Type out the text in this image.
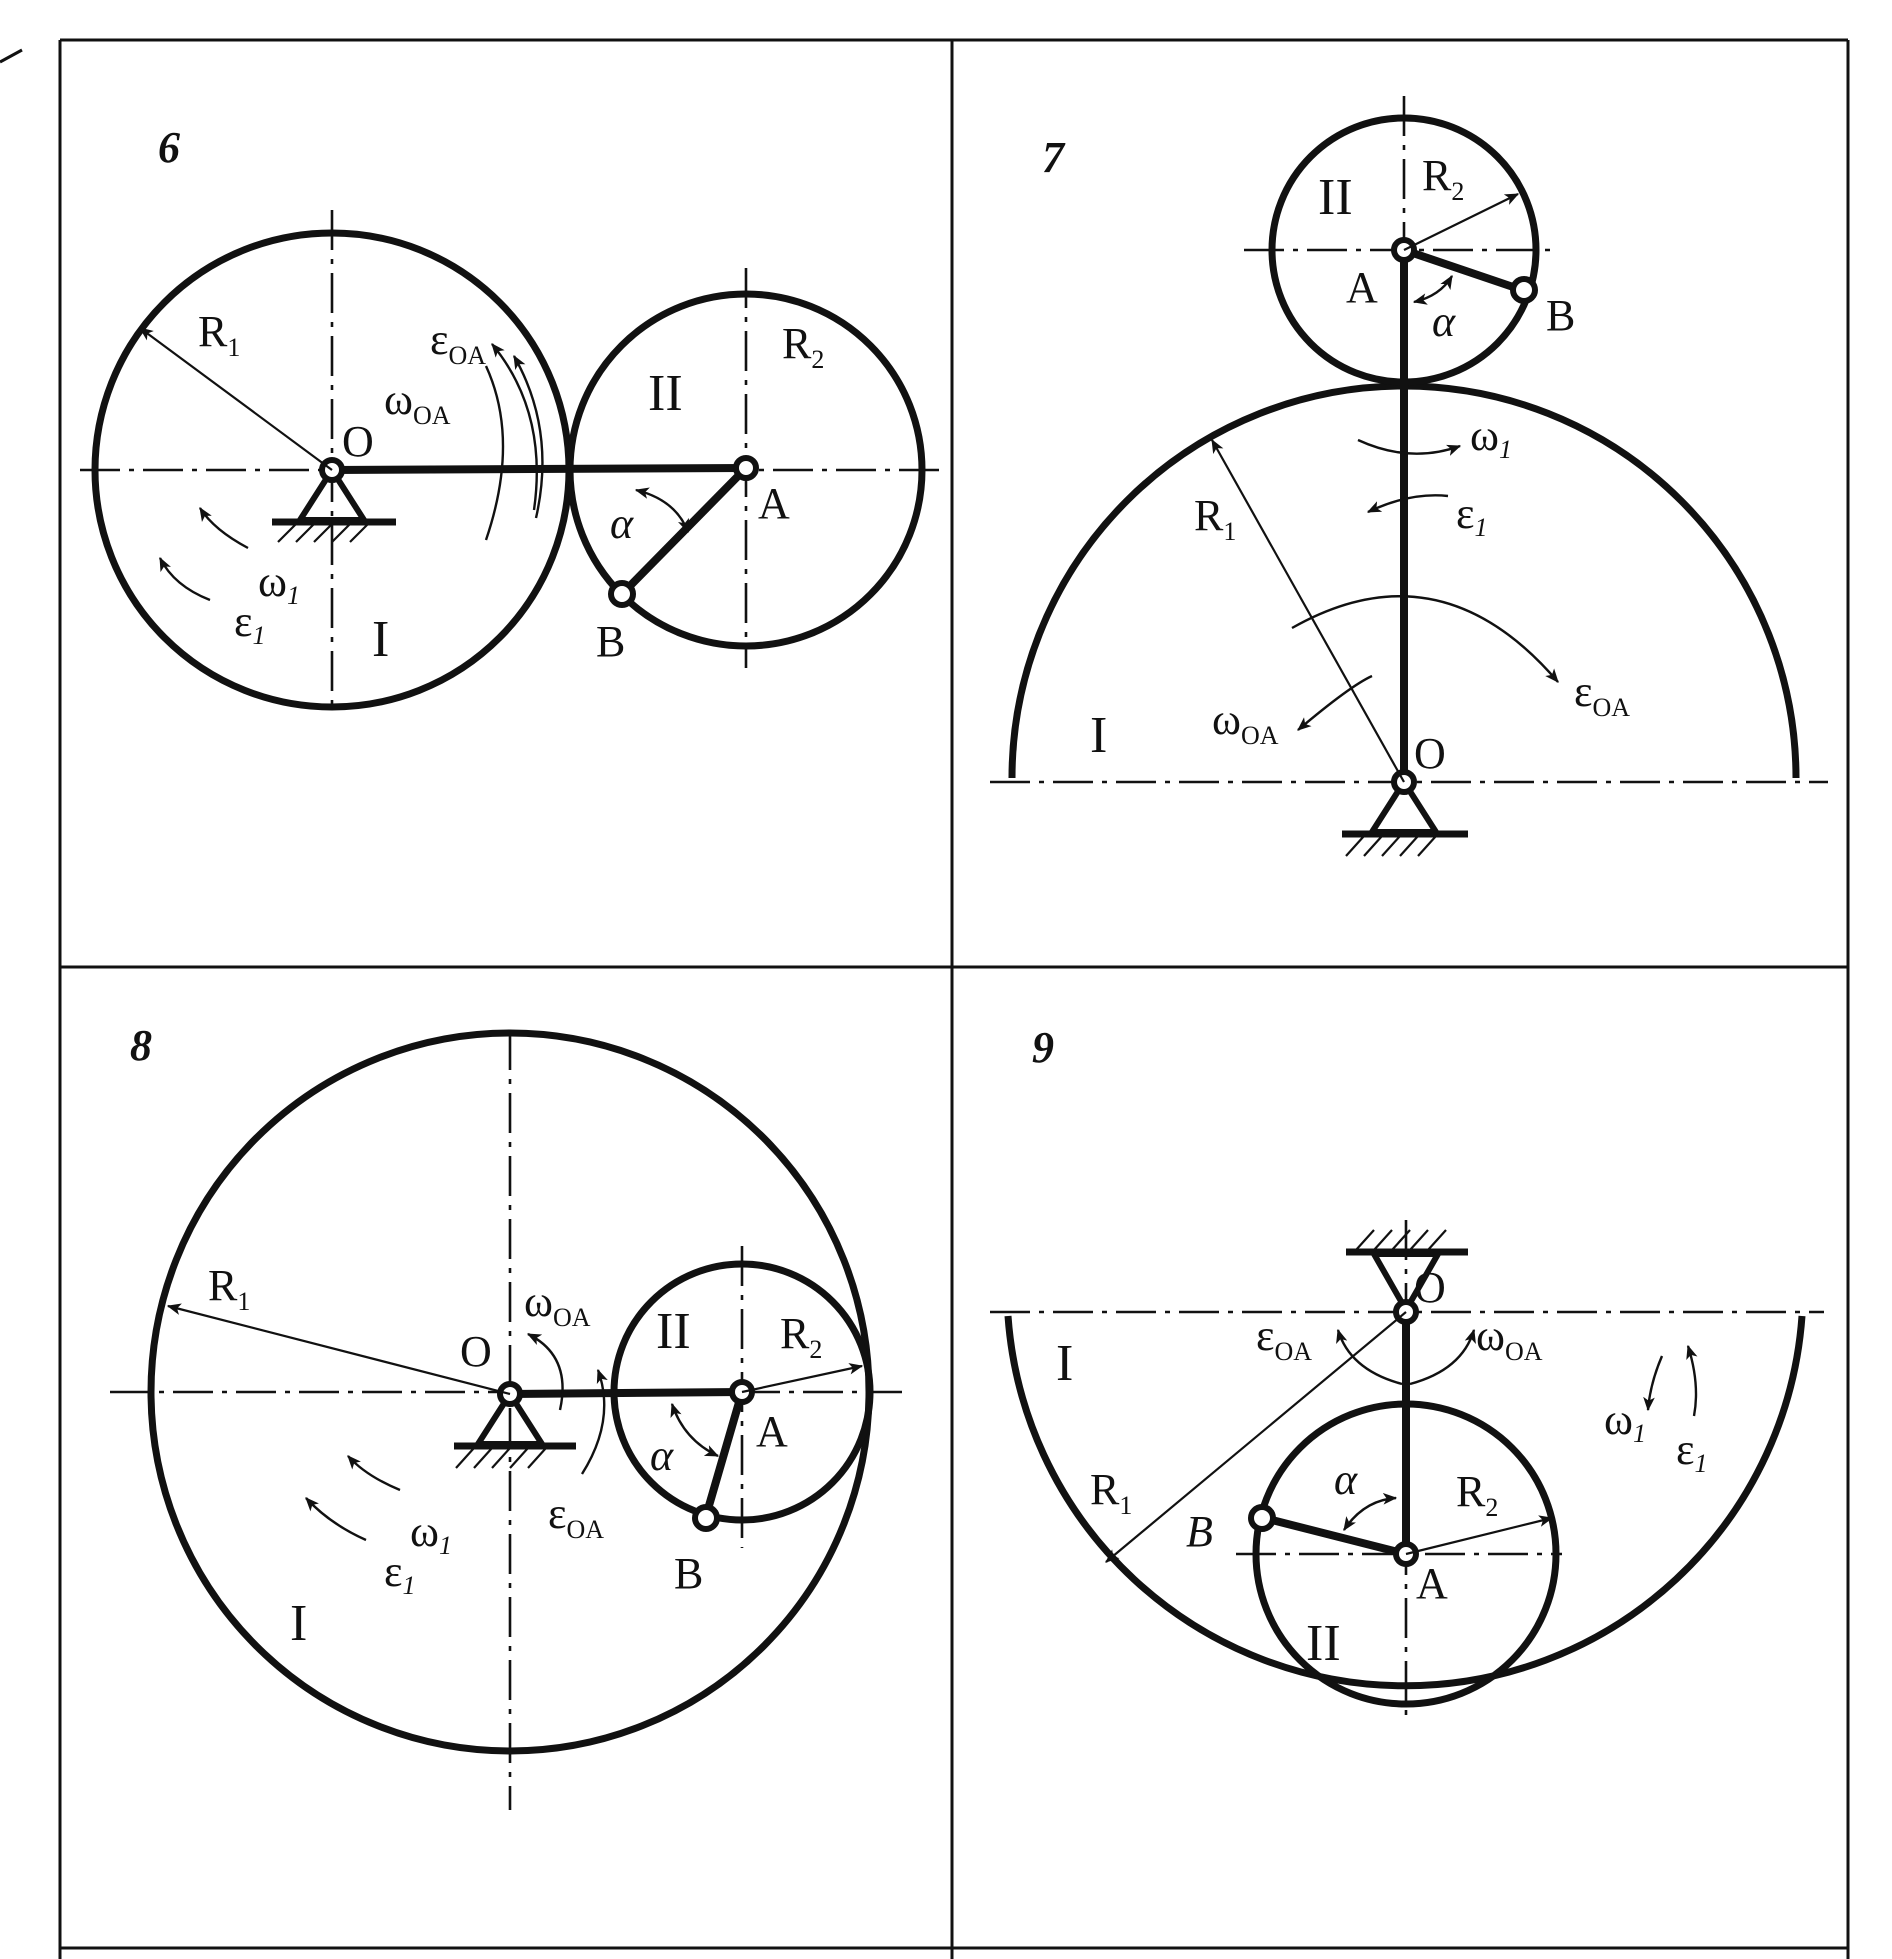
6
$R_1$	$R_2$
$\varepsilon_{OA}$
$\omega_{OA}$
O
A
B
α
ω1
ε1 I
II
7
II $R_2$
A
α B
ω1
ε1
$R_1$
$\varepsilon_{OA}$
$\omega_{OA}$
I	O
8
$R_1$
O
$\omega_{OA}$ II $R_2$
A
α
$\varepsilon_{OA}$
ω1
ε1	B
I
9
O
$\varepsilon_{OA}$	$\omega_{OA}$
I
ω1 ε1
$R_1$
α $R_2$
B
A
II
